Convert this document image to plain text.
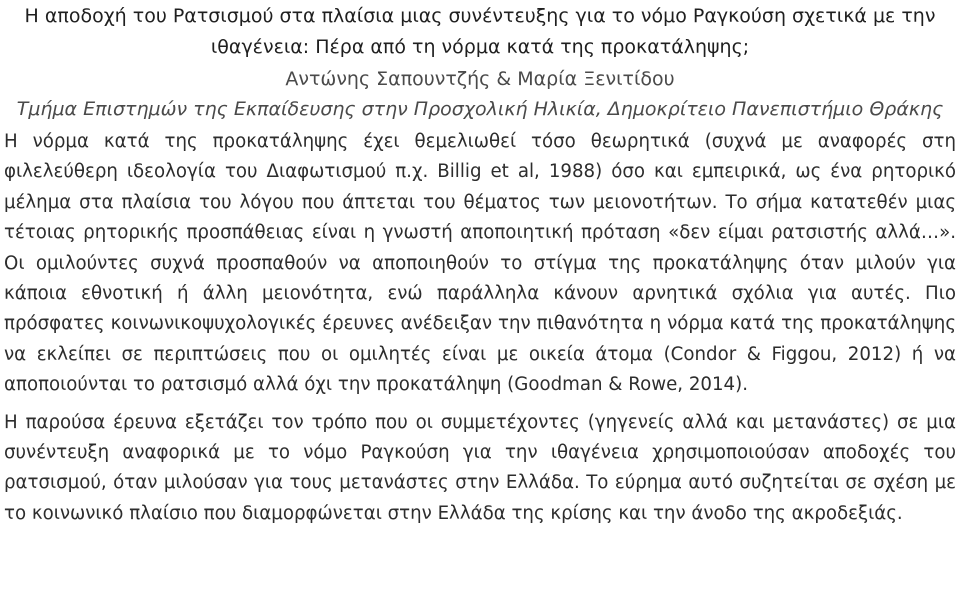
Η αποδοχή του Ρατσισμού στα πλαίσια μιας συνέντευξης για το νόμο Ραγκούση σχετικά με την ιθαγένεια: Πέρα από τη νόρμα κατά της προκατάληψης;

Αντώνης Σαπουντζής & Μαρία Ξενιτίδου

Τμήμα Επιστημών της Εκπαίδευσης στην Προσχολική Ηλικία, Δημοκρίτειο Πανεπιστήμιο Θράκης

Η νόρμα κατά της προκατάληψης έχει θεμελιωθεί τόσο θεωρητικά (συχνά με αναφορές στη φιλελεύθερη ιδεολογία του Διαφωτισμού π.χ. Billig et al, 1988) όσο και εμπειρικά, ως ένα ρητορικό μέλημα στα πλαίσια του λόγου που άπτεται του θέματος των μειονοτήτων. Το σήμα κατατεθέν μιας τέτοιας ρητορικής προσπάθειας είναι η γνωστή αποποιητική πρόταση «δεν είμαι ρατσιστής αλλά…». Οι ομιλούντες συχνά προσπαθούν να αποποιηθούν το στίγμα της προκατάληψης όταν μιλούν για κάποια εθνοτική ή άλλη μειονότητα, ενώ παράλληλα κάνουν αρνητικά σχόλια για αυτές. Πιο πρόσφατες κοινωνικοψυχολογικές έρευνες ανέδειξαν την πιθανότητα η νόρμα κατά της προκατάληψης να εκλείπει σε περιπτώσεις που οι ομιλητές είναι με οικεία άτομα (Condor & Figgou, 2012) ή να αποποιούνται το ρατσισμό αλλά όχι την προκατάληψη (Goodman & Rowe, 2014).

Η παρούσα έρευνα εξετάζει τον τρόπο που οι συμμετέχοντες (γηγενείς αλλά και μετανάστες) σε μια συνέντευξη αναφορικά με το νόμο Ραγκούση για την ιθαγένεια χρησιμοποιούσαν αποδοχές του ρατσισμού, όταν μιλούσαν για τους μετανάστες στην Ελλάδα. Το εύρημα αυτό συζητείται σε σχέση με το κοινωνικό πλαίσιο που διαμορφώνεται στην Ελλάδα της κρίσης και την άνοδο της ακροδεξιάς.
